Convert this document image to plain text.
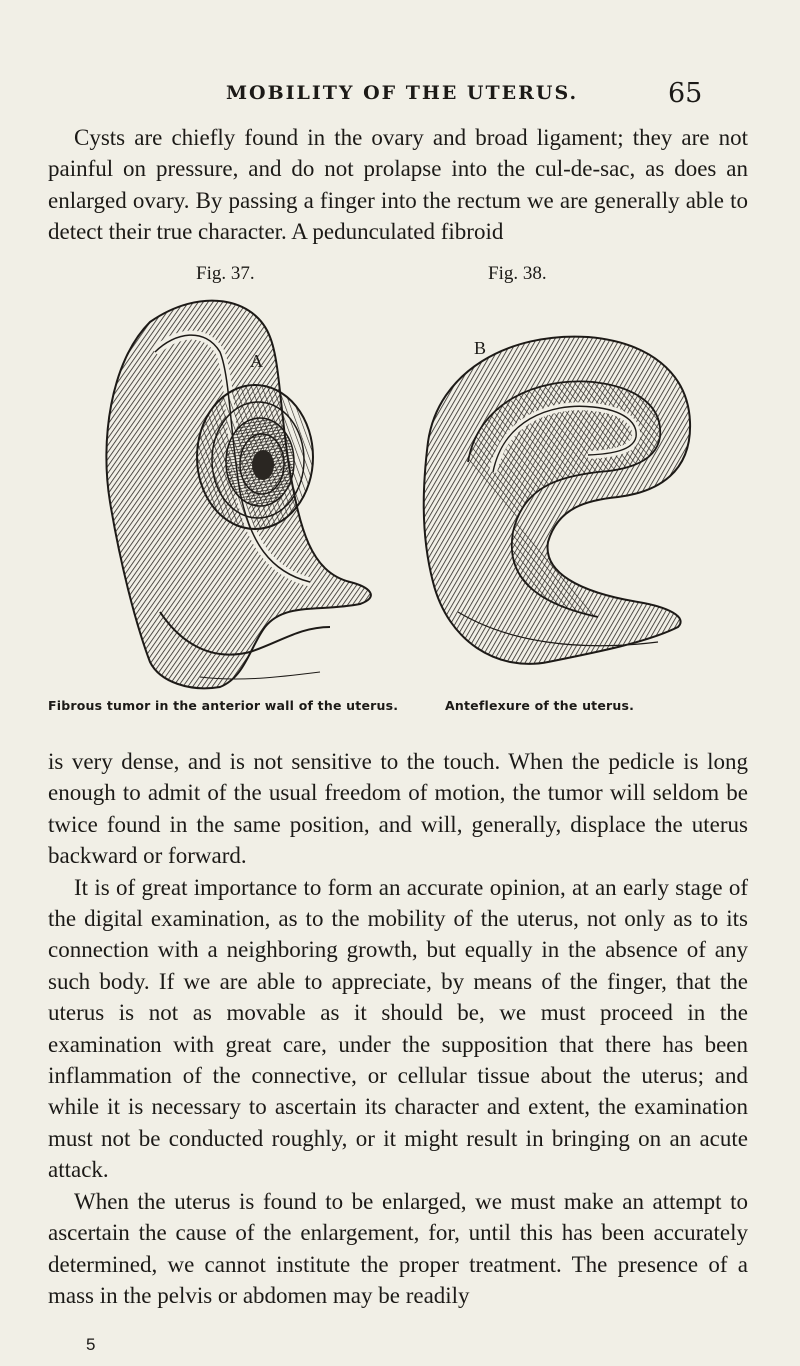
MOBILITY OF THE UTERUS.	65

Cysts are chiefly found in the ovary and broad ligament; they are not painful on pressure, and do not prolapse into the cul-de-sac, as does an enlarged ovary. By passing a finger into the rectum we are generally able to detect their true character. A pedunculated fibroid

Fig. 37.	Fig. 38.
A
B
Fibrous tumor in the anterior wall of the uterus.	Anteflexure of the uterus.

is very dense, and is not sensitive to the touch. When the pedicle is long enough to admit of the usual freedom of motion, the tumor will seldom be twice found in the same position, and will, generally, displace the uterus backward or forward.

It is of great importance to form an accurate opinion, at an early stage of the digital examination, as to the mobility of the uterus, not only as to its connection with a neighboring growth, but equally in the absence of any such body. If we are able to appreciate, by means of the finger, that the uterus is not as movable as it should be, we must proceed in the examination with great care, under the supposition that there has been inflammation of the connective, or cellular tissue about the uterus; and while it is necessary to ascertain its character and extent, the examination must not be conducted roughly, or it might result in bringing on an acute attack.

When the uterus is found to be enlarged, we must make an attempt to ascertain the cause of the enlargement, for, until this has been accurately determined, we cannot institute the proper treatment. The presence of a mass in the pelvis or abdomen may be readily

5
